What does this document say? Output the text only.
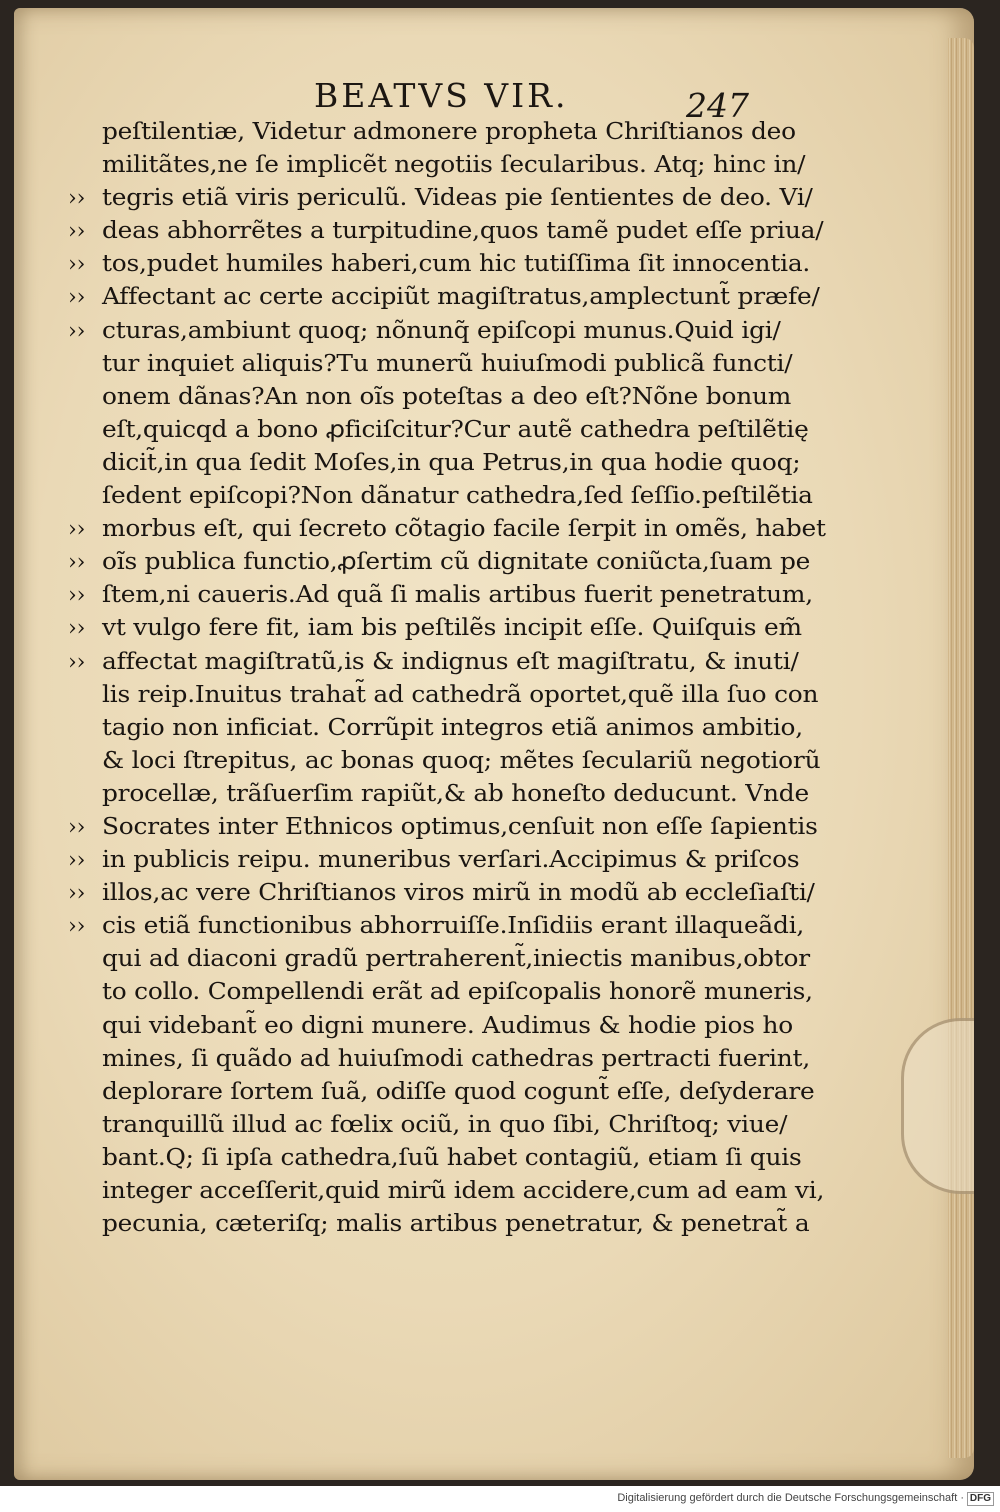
BEATVS VIR.	247
peſtilentiæ, Videtur admonere propheta Chriſtianos deo
militãtes,ne ſe implicẽt negotiis ſecularibus. Atq; hinc in/
›› tegris etiã viris periculũ. Videas pie ſentientes de deo. Vi/
›› deas abhorrẽtes a turpitudine,quos tamẽ pudet eſſe priua/
›› tos,pudet humiles haberi,cum hic tutiſſima ſit innocentia.
›› Affectant ac certe accipiũt magiſtratus,amplectunt̃ præfe/
›› cturas,ambiunt quoq; nõnunq̃ epiſcopi munus.Quid igi/
tur inquiet aliquis?Tu munerũ huiuſmodi publicã functi/
onem dãnas?An non oĩs poteſtas a deo eſt?Nõne bonum
eſt,quicqd a bono ꝓficiſcitur?Cur autẽ cathedra peſtilẽtię
dicit̃,in qua ſedit Moſes,in qua Petrus,in qua hodie quoq;
ſedent epiſcopi?Non dãnatur cathedra,ſed ſeſſio.peſtilẽtia
›› morbus eſt, qui ſecreto cõtagio facile ſerpit in omẽs, habet
›› oĩs publica functio,ꝓſertim cũ dignitate coniũcta,ſuam pe
›› ſtem,ni caueris.Ad quã ſi malis artibus fuerit penetratum,
›› vt vulgo fere fit, iam bis peſtilẽs incipit eſſe. Quiſquis em̃
›› affectat magiſtratũ,is & indignus eſt magiſtratu, & inuti/
lis reip.Inuitus trahat̃ ad cathedrã oportet,quẽ illa ſuo con
tagio non inficiat. Corrũpit integros etiã animos ambitio,
& loci ſtrepitus, ac bonas quoq; mẽtes ſeculariũ negotiorũ
procellæ, trãſuerſim rapiũt,& ab honeſto deducunt. Vnde
›› Socrates inter Ethnicos optimus,cenſuit non eſſe ſapientis
›› in publicis reipu. muneribus verſari.Accipimus & priſcos
›› illos,ac vere Chriſtianos viros mirũ in modũ ab eccleſiaſti/
›› cis etiã functionibus abhorruiſſe.Inſidiis erant illaqueãdi,
qui ad diaconi gradũ pertraherent̃,iniectis manibus,obtor
to collo. Compellendi erãt ad epiſcopalis honorẽ muneris,
qui videbant̃ eo digni munere. Audimus & hodie pios ho
mines, ſi quãdo ad huiuſmodi cathedras pertracti fuerint,
deplorare ſortem ſuã, odiſſe quod cogunt̃ eſſe, deſyderare
tranquillũ illud ac fœlix ociũ, in quo ſibi, Chriſtoq; viue/
bant.Q; ſi ipſa cathedra,ſuũ habet contagiũ, etiam ſi quis
integer acceſſerit,quid mirũ idem accidere,cum ad eam vi,
pecunia, cæteriſq; malis artibus penetratur, & penetrat̃ a
Digitalisierung gefördert durch die Deutsche Forschungsgemeinschaft · DFG
